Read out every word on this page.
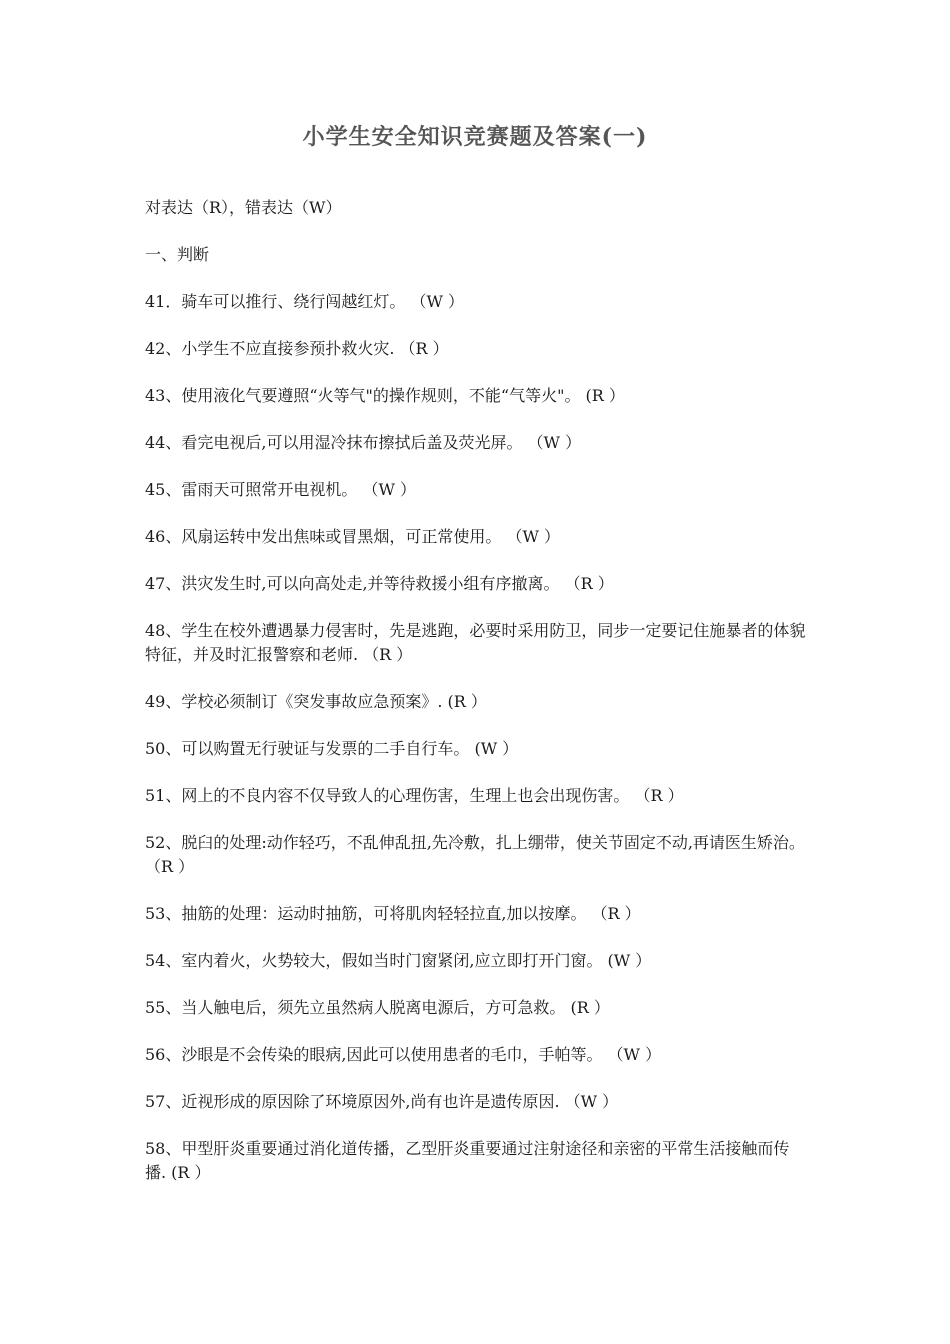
小学生安全知识竞赛题及答案(一)

对表达（R），错表达（W）

一、判断

41．骑车可以推行、绕行闯越红灯。 （W ）

42、小学生不应直接参预扑救火灾. （R ）

43、使用液化气要遵照“火等气"的操作规则，不能“气等火"。 (R ）

44、看完电视后,可以用湿冷抹布擦拭后盖及荧光屏。 （W ）

45、雷雨天可照常开电视机。 （W ）

46、风扇运转中发出焦味或冒黑烟，可正常使用。 （W ）

47、洪灾发生时,可以向高处走,并等待救援小组有序撤离。 （R ）

48、学生在校外遭遇暴力侵害时，先是逃跑，必要时采用防卫，同步一定要记住施暴者的体貌特征，并及时汇报警察和老师. （R ）

49、学校必须制订《突发事故应急预案》. (R ）

50、可以购置无行驶证与发票的二手自行车。 (W ）

51、网上的不良内容不仅导致人的心理伤害，生理上也会出现伤害。 （R ）

52、脱臼的处理:动作轻巧，不乱伸乱扭,先冷敷，扎上绷带，使关节固定不动,再请医生矫治。 （R ）

53、抽筋的处理：运动时抽筋，可将肌肉轻轻拉直,加以按摩。 （R ）

54、室内着火，火势较大，假如当时门窗紧闭,应立即打开门窗。 (W ）

55、当人触电后，须先立虽然病人脱离电源后，方可急救。 (R ）

56、沙眼是不会传染的眼病,因此可以使用患者的毛巾，手帕等。 （W ）

57、近视形成的原因除了环境原因外,尚有也许是遗传原因. （W ）

58、甲型肝炎重要通过消化道传播，乙型肝炎重要通过注射途径和亲密的平常生活接触而传播. (R ）
